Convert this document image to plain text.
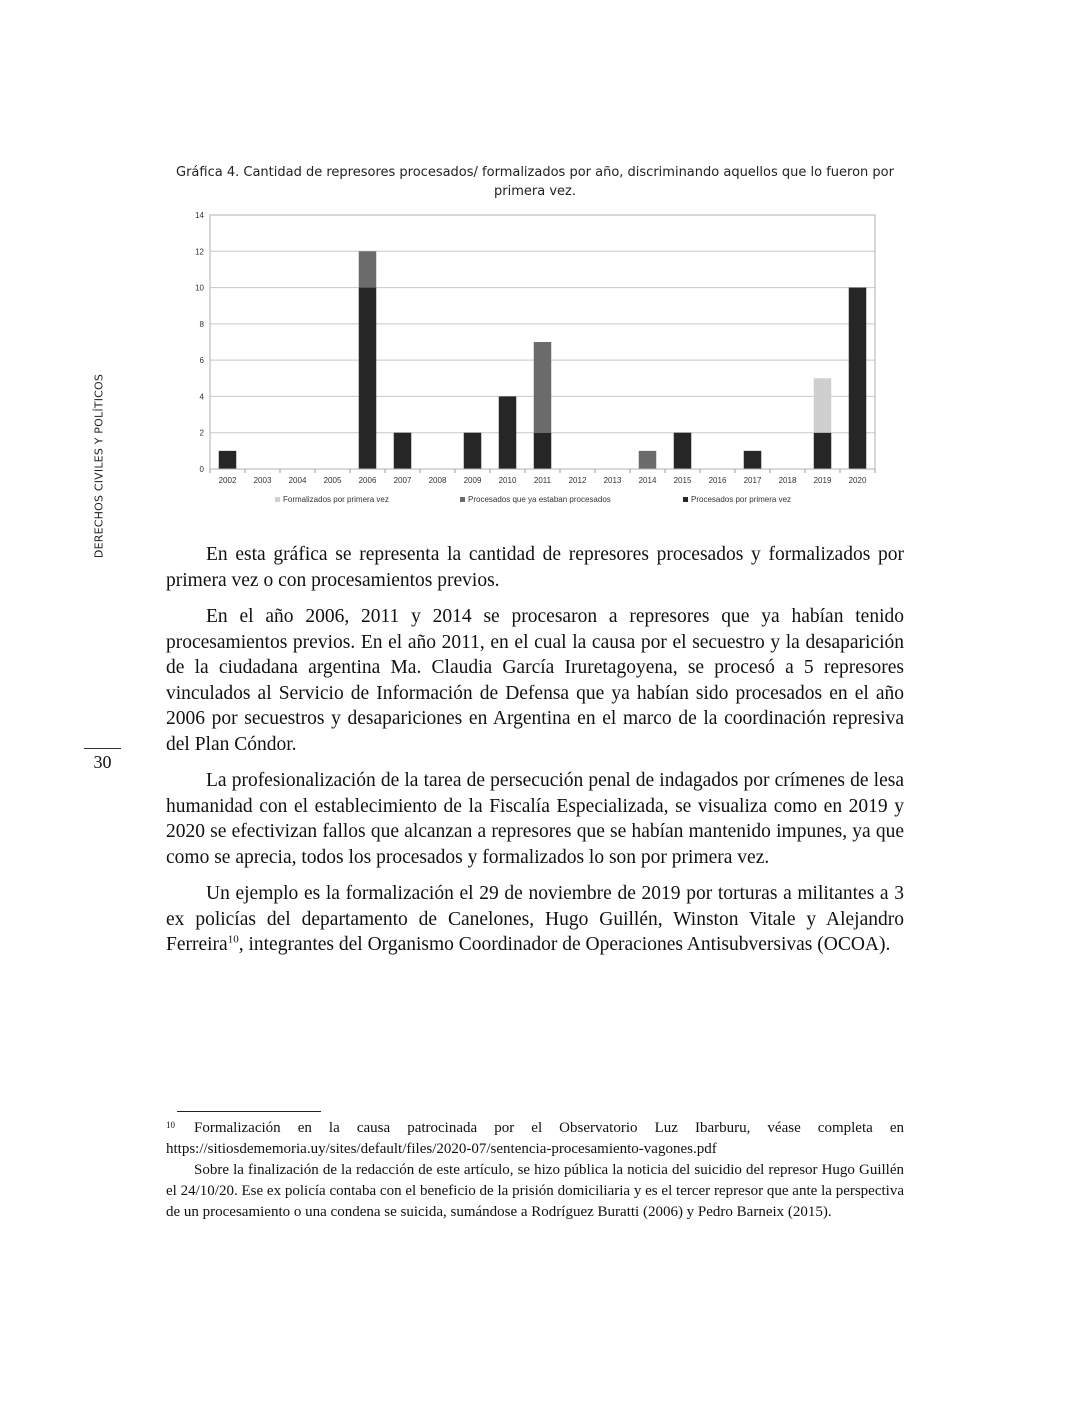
DERECHOS CIVILES Y POLÍTICOS
30
Gráfica 4. Cantidad de represores procesados/ formalizados por año, discriminando aquellos que lo fueron por primera vez.
0
2
4
6
8
10
12
14
2002 2003 2004 2005 2006 2007 2008 2009 2010 2011 2012 2013 2014 2015 2016 2017 2018 2019 2020
Formalizados por primera vez	Procesados que ya estaban procesados	Procesados por primera vez

En esta gráfica se representa la cantidad de represores procesados y formalizados por primera vez o con procesamientos previos.

En el año 2006, 2011 y 2014 se procesaron a represores que ya habían tenido procesamientos previos. En el año 2011, en el cual la causa por el secuestro y la desaparición de la ciudadana argentina Ma. Claudia García Iruretagoyena, se procesó a 5 represores vinculados al Servicio de Información de Defensa que ya habían sido procesados en el año 2006 por secuestros y desapariciones en Argentina en el marco de la coordinación represiva del Plan Cóndor.

La profesionalización de la tarea de persecución penal de indagados por crímenes de lesa humanidad con el establecimiento de la Fiscalía Especializada, se visualiza como en 2019 y 2020 se efectivizan fallos que alcanzan a represores que se habían mantenido impunes, ya que como se aprecia, todos los procesados y formalizados lo son por primera vez.

Un ejemplo es la formalización el 29 de noviembre de 2019 por torturas a militantes a 3 ex policías del departamento de Canelones, Hugo Guillén, Winston Vitale y Alejandro Ferreira$^{10}$, integrantes del Organismo Coordinador de Operaciones Antisubversivas (OCOA).

10 Formalización en la causa patrocinada por el Observatorio Luz Ibarburu, véase completa en https://sitiosdememoria.uy/sites/default/files/2020-07/sentencia-procesamiento-vagones.pdf

Sobre la finalización de la redacción de este artículo, se hizo pública la noticia del suicidio del represor Hugo Guillén el 24/10/20. Ese ex policía contaba con el beneficio de la prisión domiciliaria y es el tercer represor que ante la perspectiva de un procesamiento o una condena se suicida, sumándose a Rodríguez Buratti (2006) y Pedro Barneix (2015).
